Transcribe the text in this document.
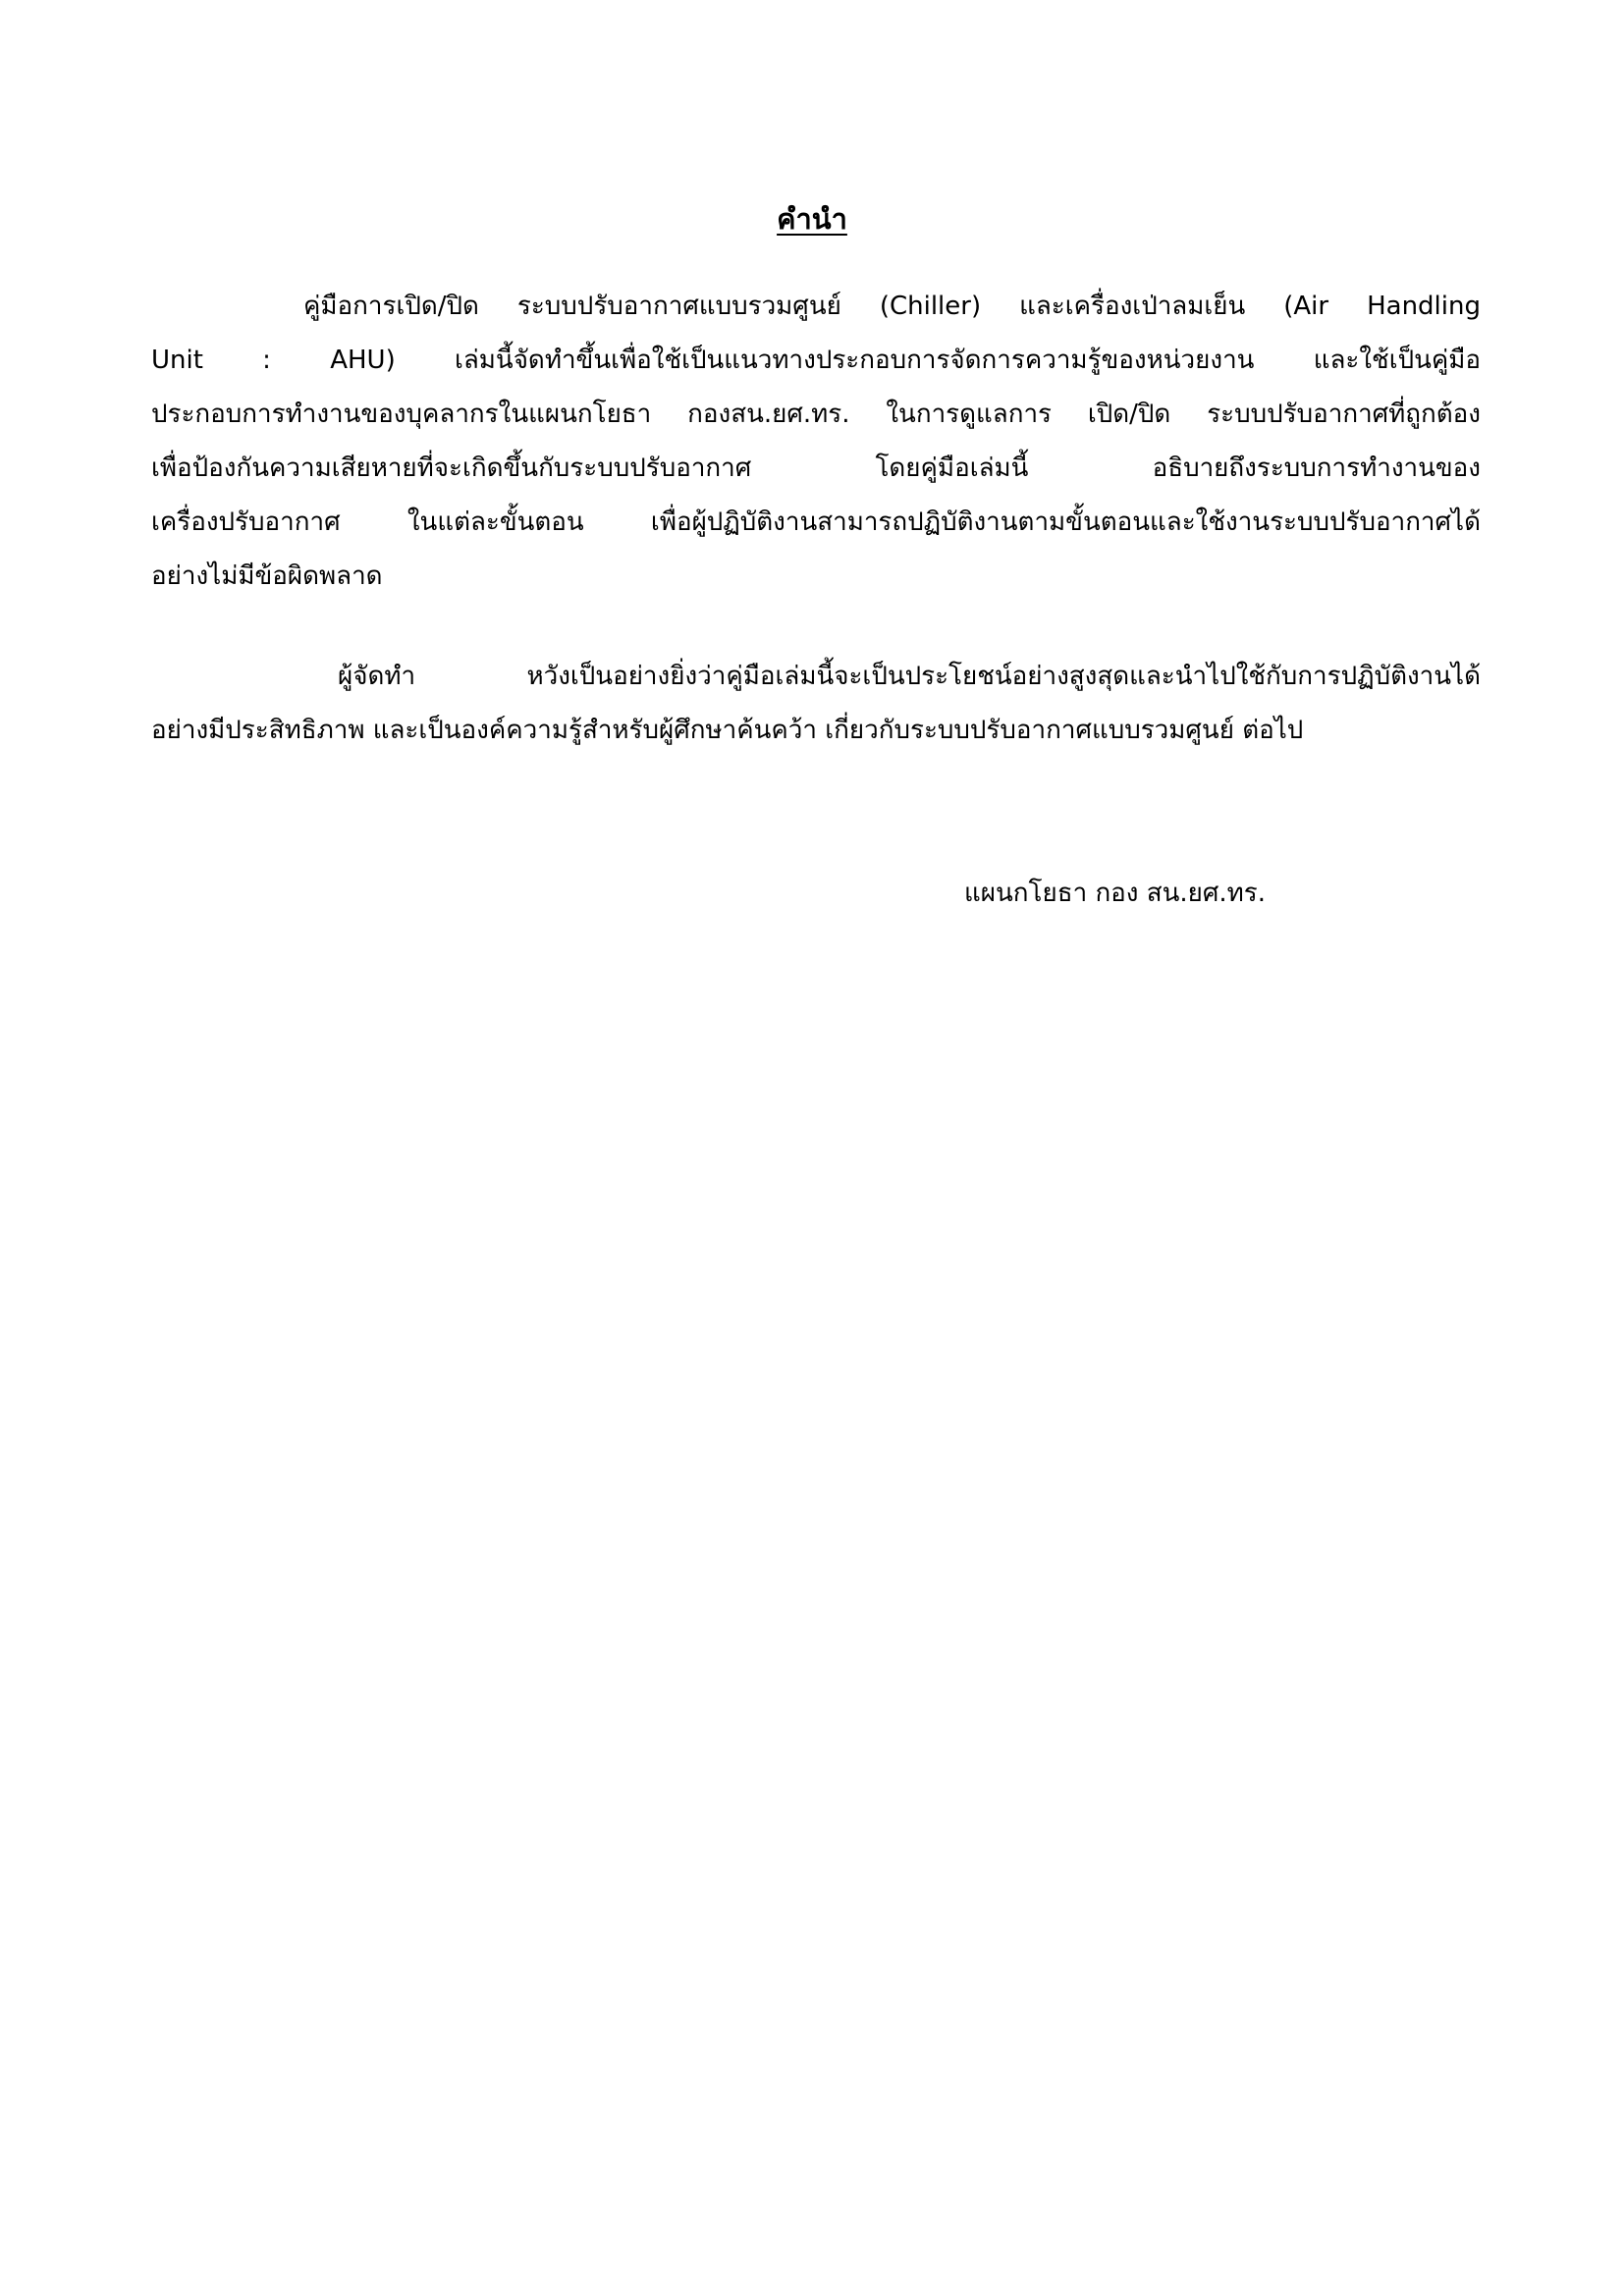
คำนำ
คู่มือการเปิด/ปิด ระบบปรับอากาศแบบรวมศูนย์ (Chiller) และเครื่องเป่าลมเย็น (Air Handling
Unit : AHU) เล่มนี้จัดทำขึ้นเพื่อใช้เป็นแนวทางประกอบการจัดการความรู้ของหน่วยงาน และใช้เป็นคู่มือ
ประกอบการทำงานของบุคลากรในแผนกโยธา กองสน.ยศ.ทร. ในการดูแลการ เปิด/ปิด ระบบปรับอากาศที่ถูกต้อง
เพื่อป้องกันความเสียหายที่จะเกิดขึ้นกับระบบปรับอากาศ โดยคู่มือเล่มนี้ อธิบายถึงระบบการทำงานของ
เครื่องปรับอากาศ ในแต่ละขั้นตอน เพื่อผู้ปฏิบัติงานสามารถปฏิบัติงานตามขั้นตอนและใช้งานระบบปรับอากาศได้
อย่างไม่มีข้อผิดพลาด
ผู้จัดทำ หวังเป็นอย่างยิ่งว่าคู่มือเล่มนี้จะเป็นประโยชน์อย่างสูงสุดและนำไปใช้กับการปฏิบัติงานได้
อย่างมีประสิทธิภาพ และเป็นองค์ความรู้สำหรับผู้ศึกษาค้นคว้า เกี่ยวกับระบบปรับอากาศแบบรวมศูนย์ ต่อไป

แผนกโยธา กอง สน.ยศ.ทร.
